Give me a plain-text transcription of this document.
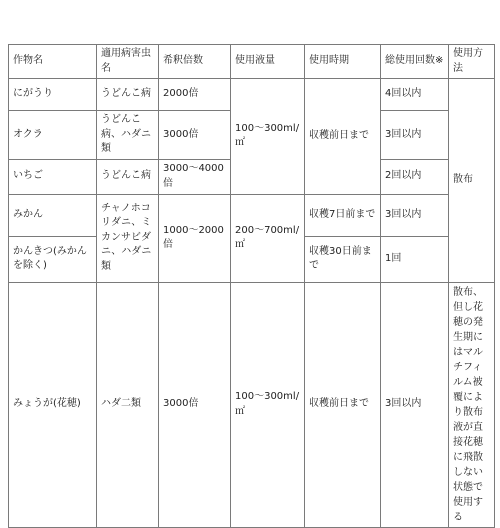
作物名	適用病害虫名	希釈倍数	使用液量	使用時期	総使用回数※	使用方法
にがうり	うどんこ病	2000倍	100〜300ml/㎡	収穫前日まで	4回以内	散布
オクラ	うどんこ病、ハダニ類	3000倍			3回以内	
いちご	うどんこ病	3000〜4000倍			2回以内	
みかん	チャノホコリダニ、ミカンサビダニ、ハダニ類	1000〜2000倍	200〜700ml/㎡	収穫7日前まで	3回以内	
かんきつ(みかんを除く)				収穫30日前まで	1回	
みょうが(花穂)	ハダ二類	3000倍	100〜300ml/㎡	収穫前日まで	3回以内	散布、但し花穂の発生期にはマルチフィルム被覆により散布液が直接花穂に飛散しない状態で使用する
